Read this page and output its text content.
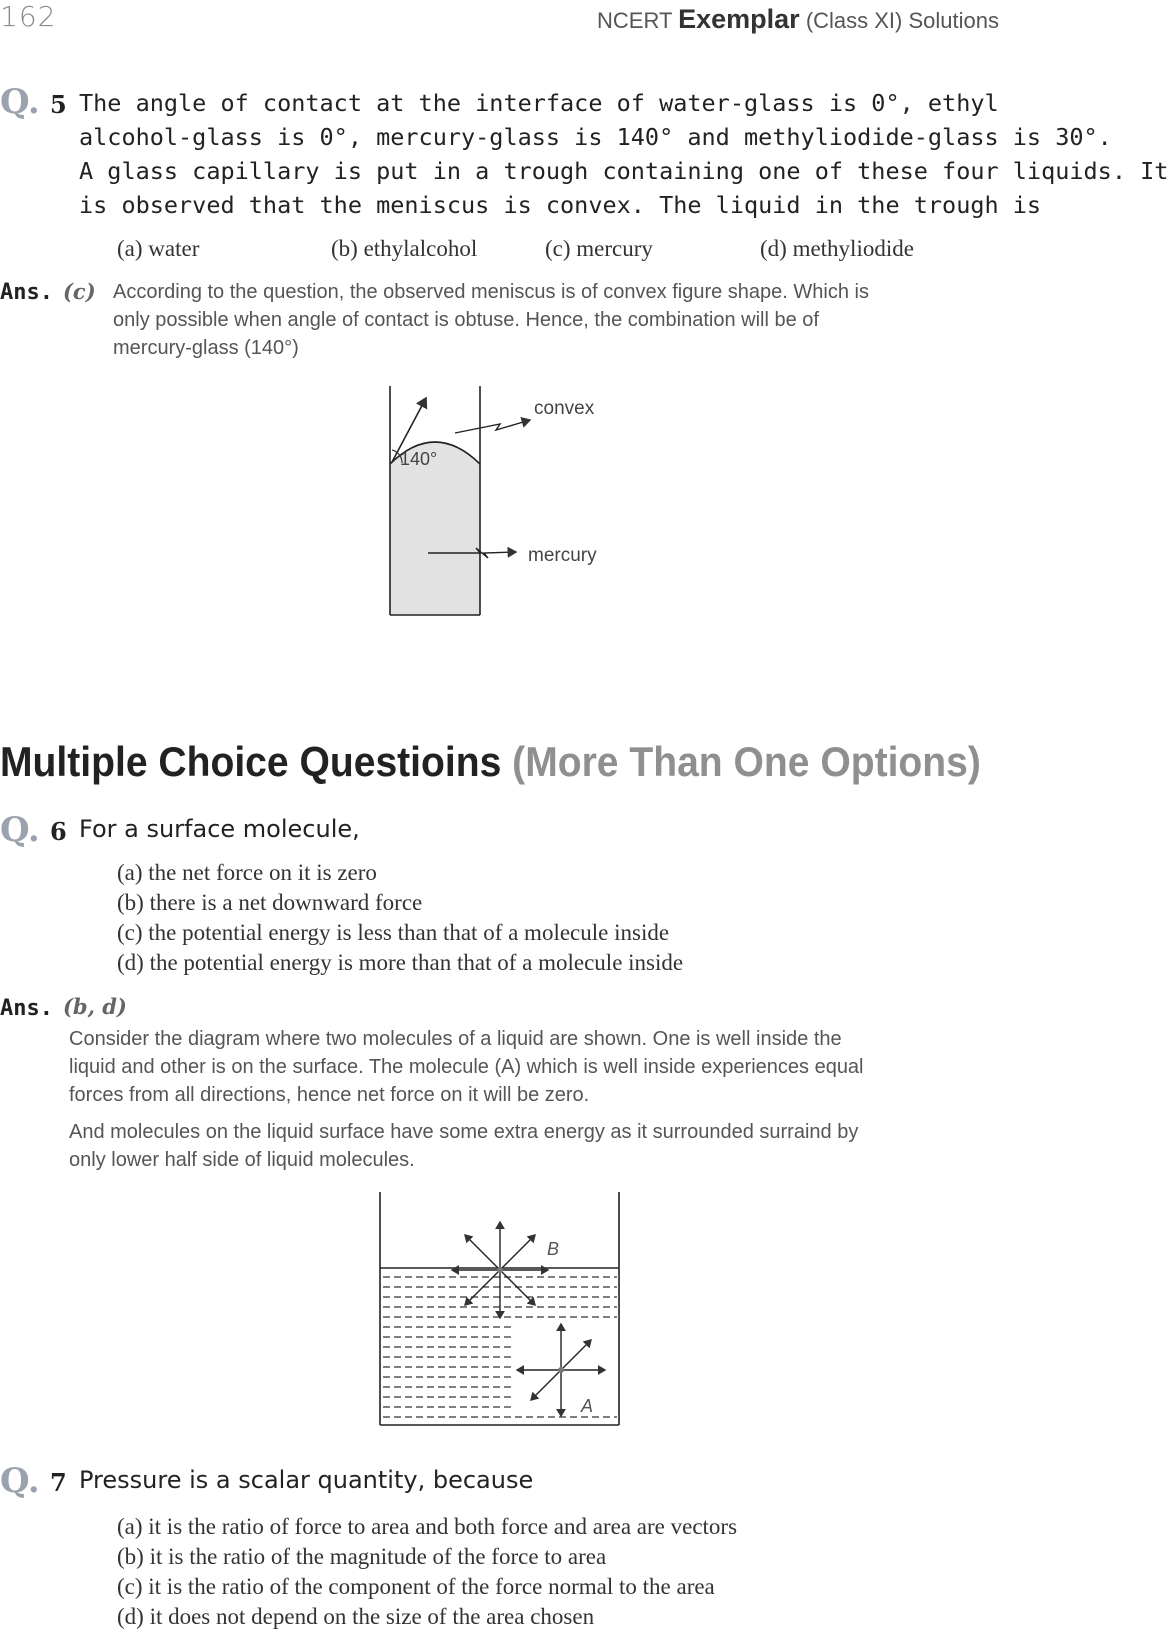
162	NCERT Exemplar (Class XI) Solutions
Q. 5 The angle of contact at the interface of water-glass is 0°, ethyl
alcohol-glass is 0°, mercury-glass is 140° and methyliodide-glass is 30°.
A glass capillary is put in a trough containing one of these four liquids. It
is observed that the meniscus is convex. The liquid in the trough is
(a) water	(b) ethylalcohol	(c) mercury	(d) methyliodide
Ans. (c) According to the question, the observed meniscus is of convex figure shape. Which is
only possible when angle of contact is obtuse. Hence, the combination will be of
mercury-glass (140°)
convex
140°
mercury
Multiple Choice Questioins (More Than One Options)
Q. 6 For a surface molecule,
(a) the net force on it is zero
(b) there is a net downward force
(c) the potential energy is less than that of a molecule inside
(d) the potential energy is more than that of a molecule inside
Ans. (b, d)
Consider the diagram where two molecules of a liquid are shown. One is well inside the
liquid and other is on the surface. The molecule (A) which is well inside experiences equal
forces from all directions, hence net force on it will be zero.
And molecules on the liquid surface have some extra energy as it surrounded surraind by
only lower half side of liquid molecules.
B
A
Q. 7 Pressure is a scalar quantity, because
(a) it is the ratio of force to area and both force and area are vectors
(b) it is the ratio of the magnitude of the force to area
(c) it is the ratio of the component of the force normal to the area
(d) it does not depend on the size of the area chosen
